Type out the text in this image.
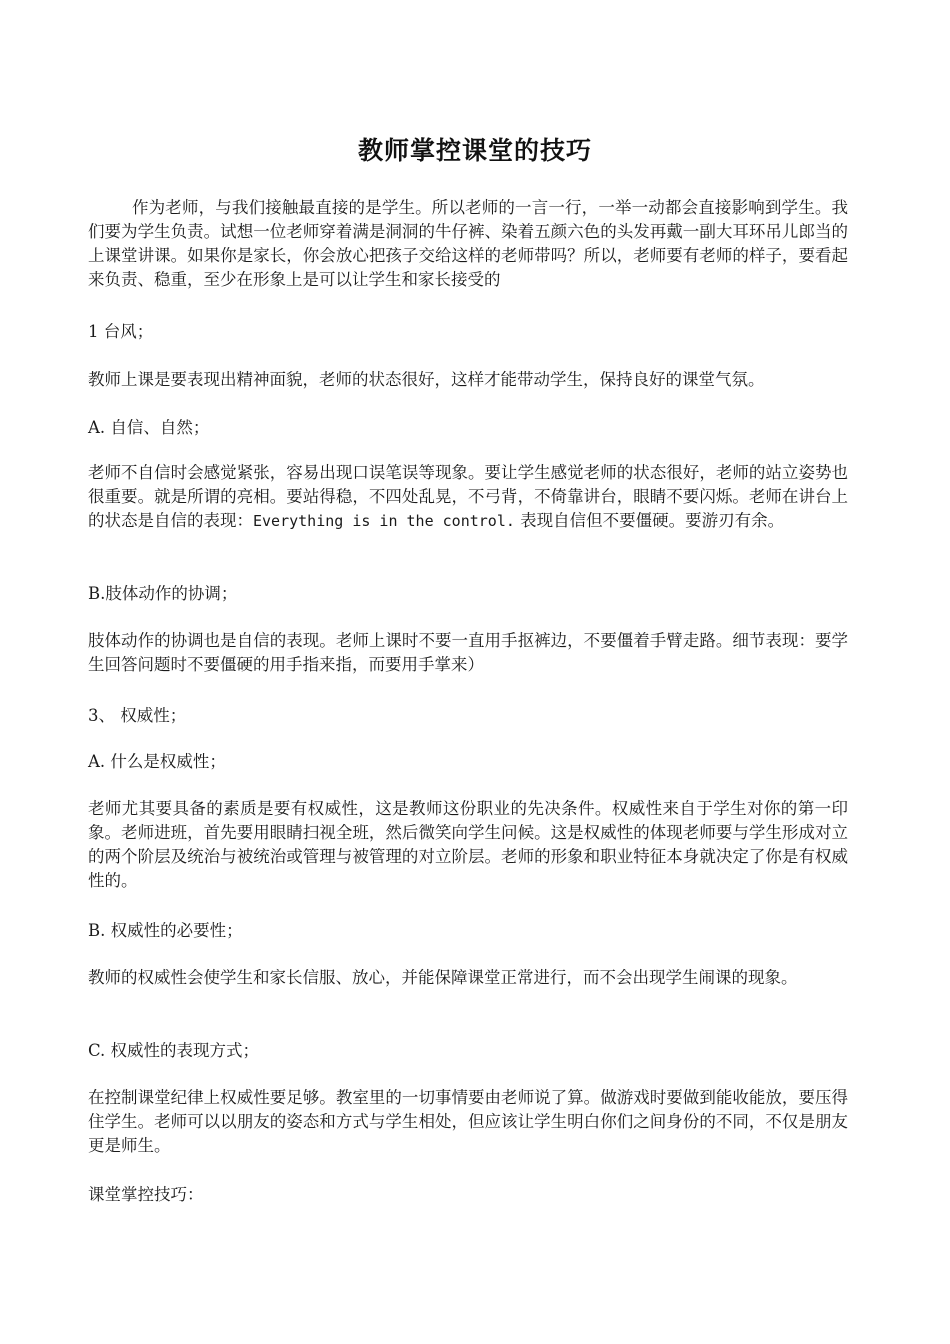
教师掌控课堂的技巧

作为老师，与我们接触最直接的是学生。所以老师的一言一行，一举一动都会直接影响到学生。我们要为学生负责。试想一位老师穿着满是洞洞的牛仔裤、染着五颜六色的头发再戴一副大耳环吊儿郎当的上课堂讲课。如果你是家长，你会放心把孩子交给这样的老师带吗？所以，老师要有老师的样子，要看起来负责、稳重，至少在形象上是可以让学生和家长接受的

1 台风；

教师上课是要表现出精神面貌，老师的状态很好，这样才能带动学生，保持良好的课堂气氛。

A. 自信、自然；

老师不自信时会感觉紧张，容易出现口误笔误等现象。要让学生感觉老师的状态很好，老师的站立姿势也很重要。就是所谓的亮相。要站得稳，不四处乱晃，不弓背，不倚靠讲台，眼睛不要闪烁。老师在讲台上的状态是自信的表现：Everything is in the control. 表现自信但不要僵硬。要游刃有余。

B.肢体动作的协调；

肢体动作的协调也是自信的表现。老师上课时不要一直用手抠裤边，不要僵着手臂走路。细节表现：要学生回答问题时不要僵硬的用手指来指，而要用手掌来）

3、 权威性；

A. 什么是权威性；

老师尤其要具备的素质是要有权威性，这是教师这份职业的先决条件。权威性来自于学生对你的第一印象。老师进班，首先要用眼睛扫视全班，然后微笑向学生问候。这是权威性的体现老师要与学生形成对立的两个阶层及统治与被统治或管理与被管理的对立阶层。老师的形象和职业特征本身就决定了你是有权威性的。

B. 权威性的必要性；

教师的权威性会使学生和家长信服、放心，并能保障课堂正常进行，而不会出现学生闹课的现象。

C. 权威性的表现方式；

在控制课堂纪律上权威性要足够。教室里的一切事情要由老师说了算。做游戏时要做到能收能放，要压得住学生。老师可以以朋友的姿态和方式与学生相处，但应该让学生明白你们之间身份的不同，不仅是朋友更是师生。

课堂掌控技巧：
